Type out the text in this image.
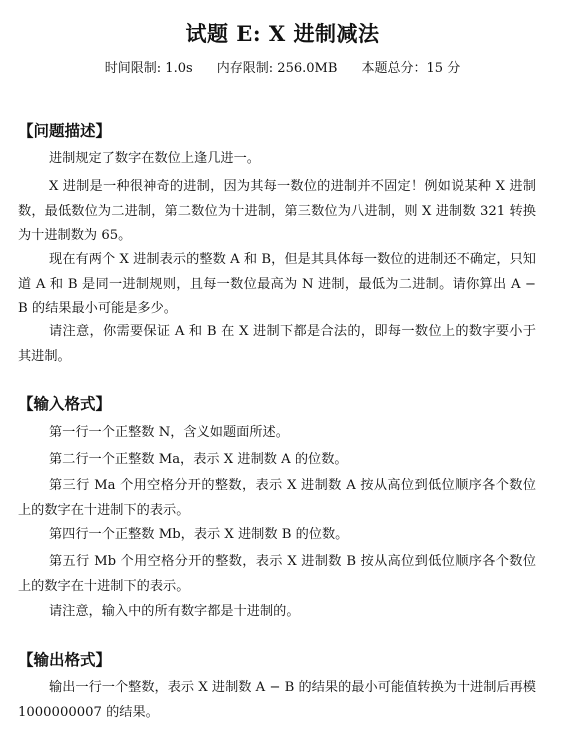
试题 E: X 进制减法
时间限制: 1.0s 内存限制: 256.0MB 本题总分：15 分
【问题描述】
进制规定了数字在数位上逢几进一。
X 进制是一种很神奇的进制，因为其每一数位的进制并不固定！例如说某种 X 进制数，最低数位为二进制，第二数位为十进制，第三数位为八进制，则 X 进制数 321 转换为十进制数为 65。
现在有两个 X 进制表示的整数 A 和 B，但是其具体每一数位的进制还不确定，只知道 A 和 B 是同一进制规则，且每一数位最高为 N 进制，最低为二进制。请你算出 A − B 的结果最小可能是多少。
请注意，你需要保证 A 和 B 在 X 进制下都是合法的，即每一数位上的数字要小于其进制。
【输入格式】
第一行一个正整数 N，含义如题面所述。
第二行一个正整数 Ma，表示 X 进制数 A 的位数。
第三行 Ma 个用空格分开的整数，表示 X 进制数 A 按从高位到低位顺序各个数位上的数字在十进制下的表示。
第四行一个正整数 Mb，表示 X 进制数 B 的位数。
第五行 Mb 个用空格分开的整数，表示 X 进制数 B 按从高位到低位顺序各个数位上的数字在十进制下的表示。
请注意，输入中的所有数字都是十进制的。
【输出格式】
输出一行一个整数，表示 X 进制数 A − B 的结果的最小可能值转换为十进制后再模 1000000007 的结果。
